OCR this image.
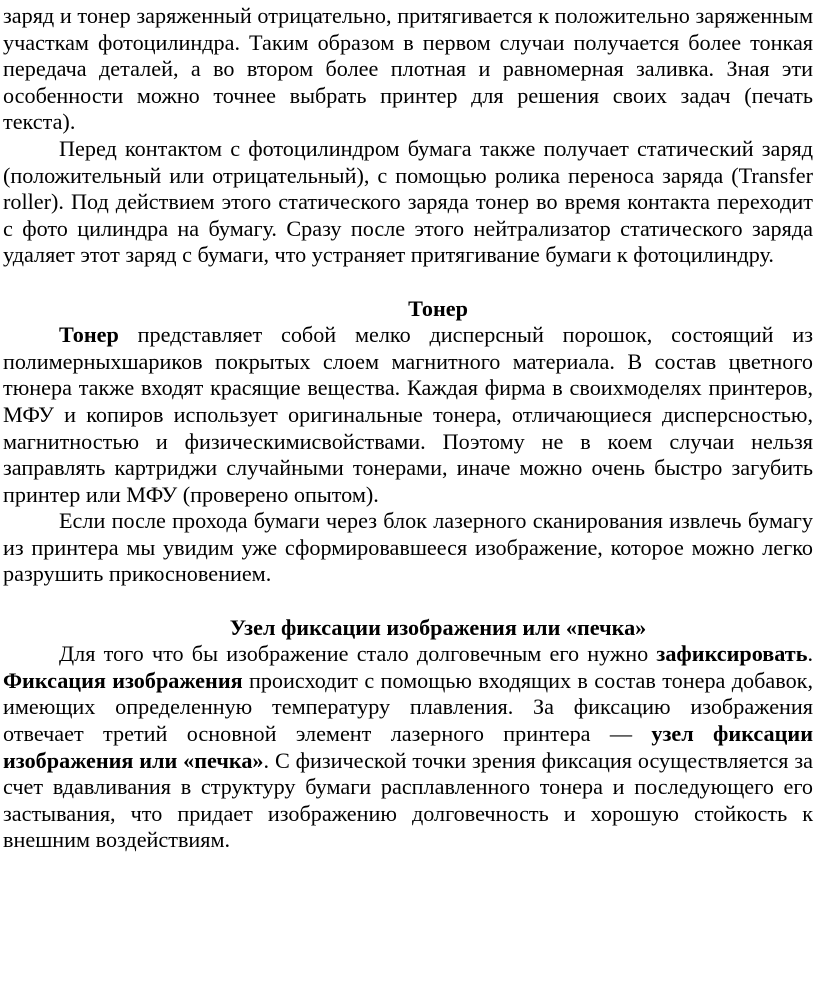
заряд и тонер заряженный отрицательно, притягивается к положительно заряженным участкам фотоцилиндра. Таким образом в первом случаи получается более тонкая передача деталей, а во втором более плотная и равномерная заливка. Зная эти особенности можно точнее выбрать принтер для решения своих задач (печать текста).

Перед контактом с фотоцилиндром бумага также получает статический заряд (положительный или отрицательный), с помощью ролика переноса заряда (Transfer roller). Под действием этого статического заряда тонер во время контакта переходит с фото цилиндра на бумагу. Сразу после этого нейтрализатор статического заряда удаляет этот заряд с бумаги, что устраняет притягивание бумаги к фотоцилиндру.

Тонер

Тонер представляет собой мелко дисперсный порошок, состоящий из полимерныхшариков покрытых слоем магнитного материала. В состав цветного тюнера также входят красящие вещества. Каждая фирма в своихмоделях принтеров, МФУ и копиров использует оригинальные тонера, отличающиеся дисперсностью, магнитностью и физическимисвойствами. Поэтому не в коем случаи нельзя заправлять картриджи случайными тонерами, иначе можно очень быстро загубить принтер или МФУ (проверено опытом).

Если после прохода бумаги через блок лазерного сканирования извлечь бумагу из принтера мы увидим уже сформировавшееся изображение, которое можно легко разрушить прикосновением.

Узел фиксации изображения или «печка»

Для того что бы изображение стало долговечным его нужно зафиксировать. Фиксация изображения происходит с помощью входящих в состав тонера добавок, имеющих определенную температуру плавления. За фиксацию изображения отвечает третий основной элемент лазерного принтера — узел фиксации изображения или «печка». С физической точки зрения фиксация осуществляется за счет вдавливания в структуру бумаги расплавленного тонера и последующего его застывания, что придает изображению долговечность и хорошую стойкость к внешним воздействиям.
